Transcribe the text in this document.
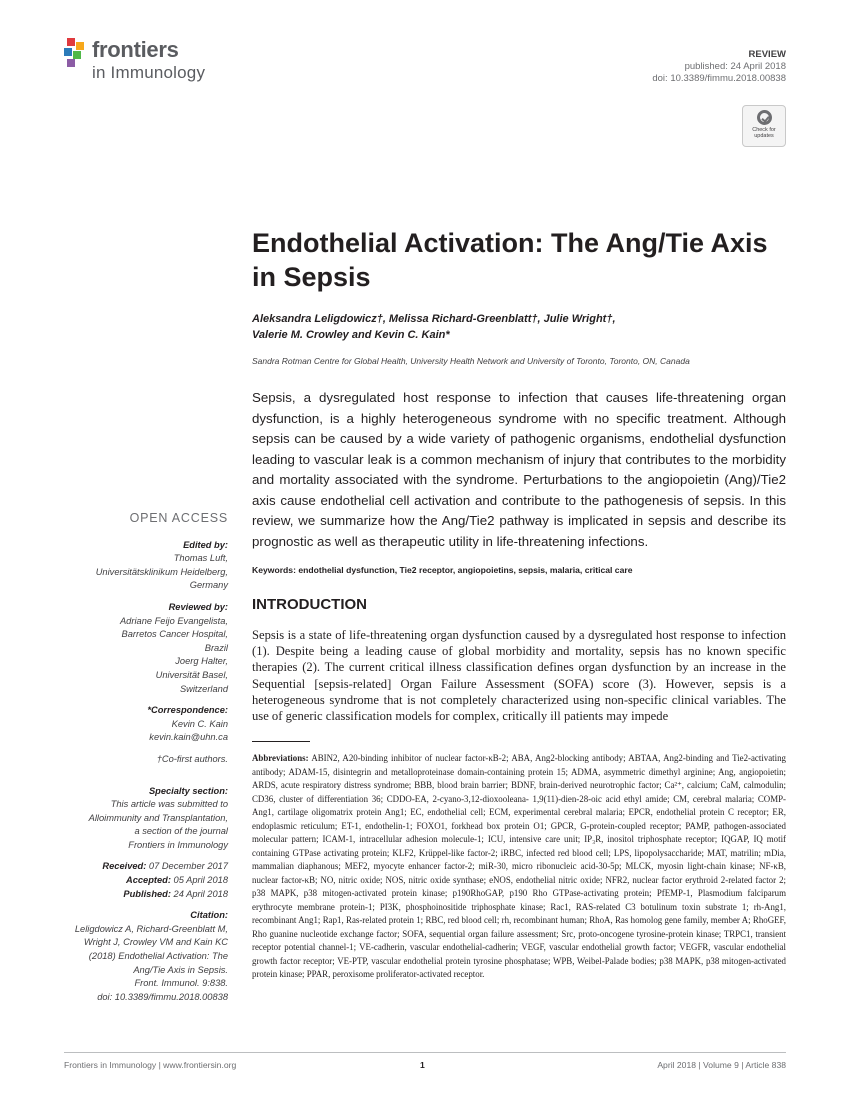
frontiers
in Immunology
REVIEW
published: 24 April 2018
doi: 10.3389/fimmu.2018.00838
Check for
updates
Endothelial Activation: The Ang/Tie Axis in Sepsis
Aleksandra Leligdowicz†, Melissa Richard-Greenblatt†, Julie Wright†,
Valerie M. Crowley and Kevin C. Kain*
Sandra Rotman Centre for Global Health, University Health Network and University of Toronto, Toronto, ON, Canada
Sepsis, a dysregulated host response to infection that causes life-threatening organ dysfunction, is a highly heterogeneous syndrome with no specific treatment. Although sepsis can be caused by a wide variety of pathogenic organisms, endothelial dysfunction leading to vascular leak is a common mechanism of injury that contributes to the morbidity and mortality associated with the syndrome. Perturbations to the angiopoietin (Ang)/Tie2 axis cause endothelial cell activation and contribute to the pathogenesis of sepsis. In this review, we summarize how the Ang/Tie2 pathway is implicated in sepsis and describe its prognostic as well as therapeutic utility in life-threatening infections.
Keywords: endothelial dysfunction, Tie2 receptor, angiopoietins, sepsis, malaria, critical care
INTRODUCTION
Sepsis is a state of life-threatening organ dysfunction caused by a dysregulated host response to infection (1). Despite being a leading cause of global morbidity and mortality, sepsis has no known specific therapies (2). The current critical illness classification defines organ dysfunction by an increase in the Sequential [sepsis-related] Organ Failure Assessment (SOFA) score (3). However, sepsis is a heterogeneous syndrome that is not completely characterized using non-specific clinical variables. The use of generic classification models for complex, critically ill patients may impede
Abbreviations: ABIN2, A20-binding inhibitor of nuclear factor-κB-2; ABA, Ang2-blocking antibody; ABTAA, Ang2-binding and Tie2-activating antibody; ADAM-15, disintegrin and metalloproteinase domain-containing protein 15; ADMA, asymmetric dimethyl arginine; Ang, angiopoietin; ARDS, acute respiratory distress syndrome; BBB, blood brain barrier; BDNF, brain-derived neurotrophic factor; Ca²⁺, calcium; CaM, calmodulin; CD36, cluster of differentiation 36; CDDO-EA, 2-cyano-3,12-dioxooleana- 1,9(11)-dien-28-oic acid ethyl amide; CM, cerebral malaria; COMP-Ang1, cartilage oligomatrix protein Ang1; EC, endothelial cell; ECM, experimental cerebral malaria; EPCR, endothelial protein C receptor; ER, endoplasmic reticulum; ET-1, endothelin-1; FOXO1, forkhead box protein O1; GPCR, G-protein-coupled receptor; PAMP, pathogen-associated molecular pattern; ICAM-1, intracellular adhesion molecule-1; ICU, intensive care unit; IP₃R, inositol triphosphate receptor; IQGAP, IQ motif containing GTPase activating protein; KLF2, Krüppel-like factor-2; iRBC, infected red blood cell; LPS, lipopolysaccharide; MAT, matrilin; mDia, mammalian diaphanous; MEF2, myocyte enhancer factor-2; miR-30, micro ribonucleic acid-30-5p; MLCK, myosin light-chain kinase; NF-κB, nuclear factor-κB; NO, nitric oxide; NOS, nitric oxide synthase; eNOS, endothelial nitric oxide; NFR2, nuclear factor erythroid 2-related factor 2; p38 MAPK, p38 mitogen-activated protein kinase; p190RhoGAP, p190 Rho GTPase-activating protein; PfEMP-1, Plasmodium falciparum erythrocyte membrane protein-1; PI3K, phosphoinositide triphosphate kinase; Rac1, RAS-related C3 botulinum toxin substrate 1; rh-Ang1, recombinant Ang1; Rap1, Ras-related protein 1; RBC, red blood cell; rh, recombinant human; RhoA, Ras homolog gene family, member A; RhoGEF, Rho guanine nucleotide exchange factor; SOFA, sequential organ failure assessment; Src, proto-oncogene tyrosine-protein kinase; TRPC1, transient receptor potential channel-1; VE-cadherin, vascular endothelial-cadherin; VEGF, vascular endothelial growth factor; VEGFR, vascular endothelial growth factor receptor; VE-PTP, vascular endothelial protein tyrosine phosphatase; WPB, Weibel-Palade bodies; p38 MAPK, p38 mitogen-activated protein kinase; PPAR, peroxisome proliferator-activated receptor.
OPEN ACCESS
Edited by:
Thomas Luft,
Universitätsklinikum Heidelberg,
Germany
Reviewed by:
Adriane Feijo Evangelista,
Barretos Cancer Hospital,
Brazil
Joerg Halter,
Universität Basel,
Switzerland
*Correspondence:
Kevin C. Kain
kevin.kain@uhn.ca
†Co-first authors.
Specialty section:
This article was submitted to
Alloimmunity and Transplantation,
a section of the journal
Frontiers in Immunology
Received: 07 December 2017
Accepted: 05 April 2018
Published: 24 April 2018
Citation:
Leligdowicz A, Richard-Greenblatt M,
Wright J, Crowley VM and Kain KC
(2018) Endothelial Activation: The
Ang/Tie Axis in Sepsis.
Front. Immunol. 9:838.
doi: 10.3389/fimmu.2018.00838
Frontiers in Immunology | www.frontiersin.org	1	April 2018 | Volume 9 | Article 838
